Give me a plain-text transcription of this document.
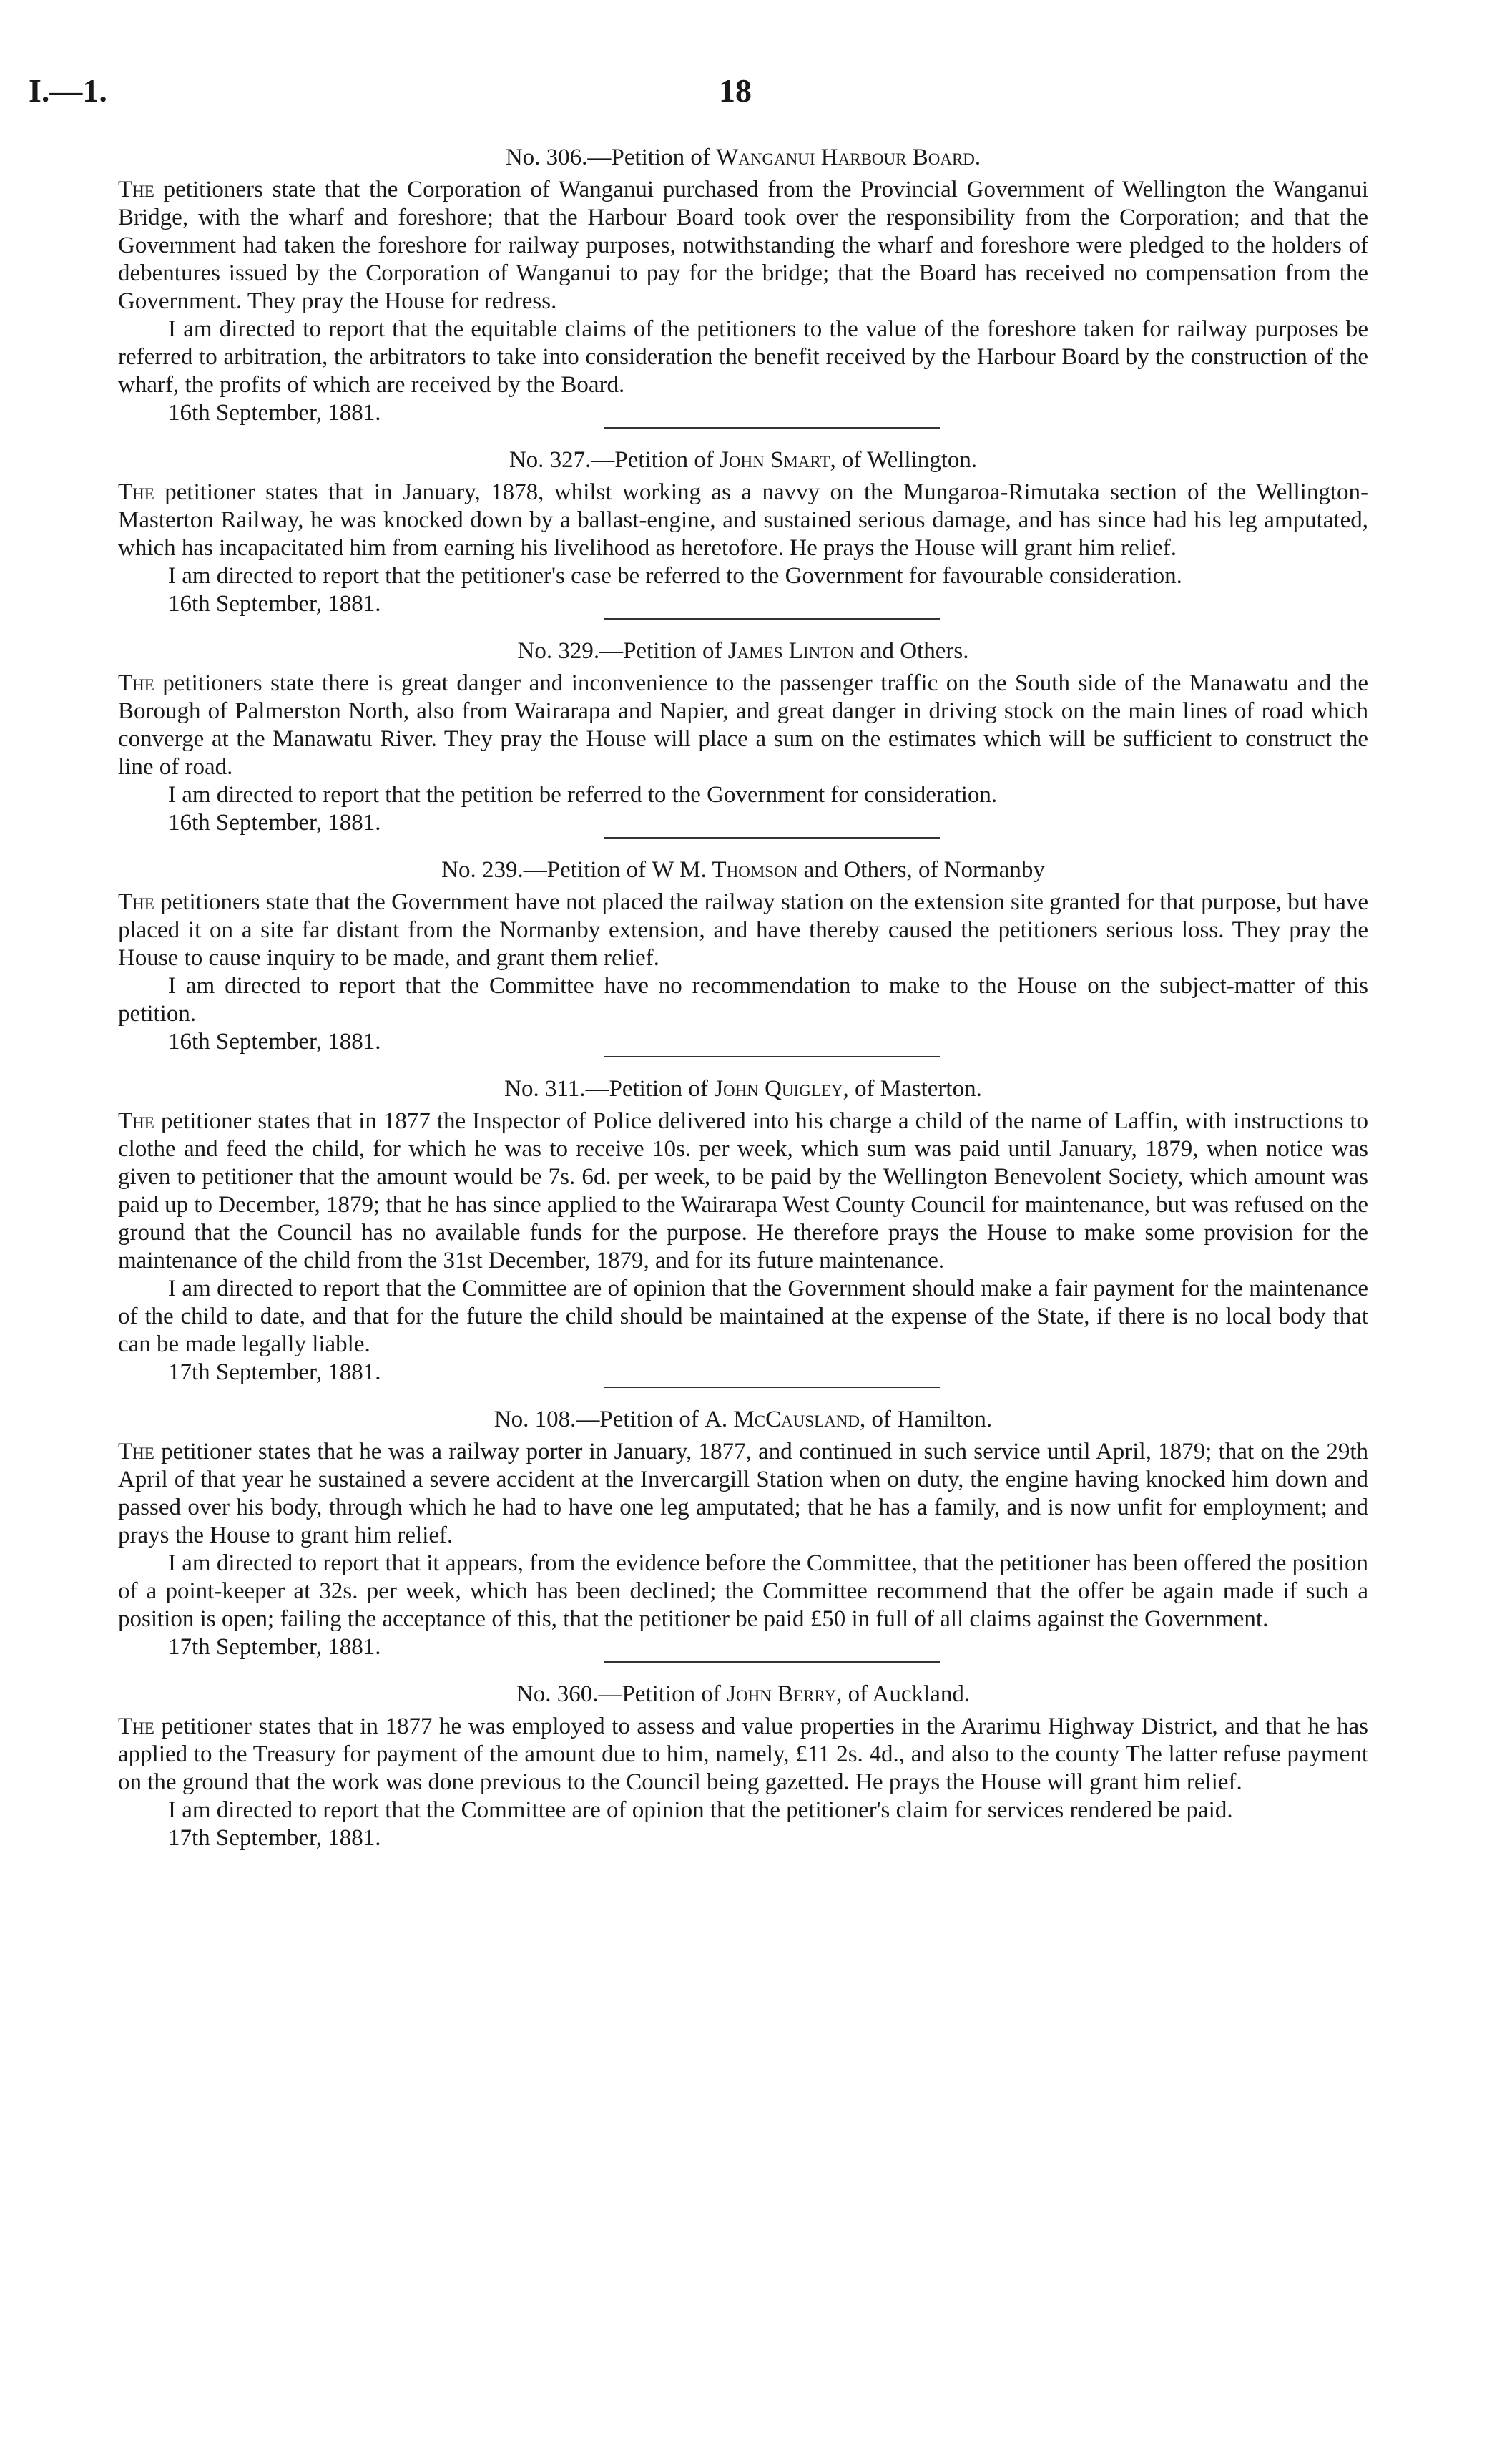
I.—1.	18
No. 306.—Petition of Wanganui Harbour Board.

The petitioners state that the Corporation of Wanganui purchased from the Provincial Government of Wellington the Wanganui Bridge, with the wharf and foreshore; that the Harbour Board took over the responsibility from the Corporation; and that the Government had taken the foreshore for railway purposes, notwithstanding the wharf and foreshore were pledged to the holders of debentures issued by the Corporation of Wanganui to pay for the bridge; that the Board has received no compensation from the Government. They pray the House for redress.

I am directed to report that the equitable claims of the petitioners to the value of the foreshore taken for railway purposes be referred to arbitration, the arbitrators to take into consideration the benefit received by the Harbour Board by the construction of the wharf, the profits of which are received by the Board.

16th September, 1881.

No. 327.—Petition of John Smart, of Wellington.

The petitioner states that in January, 1878, whilst working as a navvy on the Mungaroa-Rimutaka section of the Wellington-Masterton Railway, he was knocked down by a ballast-engine, and sustained serious damage, and has since had his leg amputated, which has incapacitated him from earning his livelihood as heretofore. He prays the House will grant him relief.

I am directed to report that the petitioner's case be referred to the Government for favourable consideration.

16th September, 1881.

No. 329.—Petition of James Linton and Others.

The petitioners state there is great danger and inconvenience to the passenger traffic on the South side of the Manawatu and the Borough of Palmerston North, also from Wairarapa and Napier, and great danger in driving stock on the main lines of road which converge at the Manawatu River. They pray the House will place a sum on the estimates which will be sufficient to construct the line of road.

I am directed to report that the petition be referred to the Government for consideration.

16th September, 1881.

No. 239.—Petition of W M. Thomson and Others, of Normanby

The petitioners state that the Government have not placed the railway station on the extension site granted for that purpose, but have placed it on a site far distant from the Normanby extension, and have thereby caused the petitioners serious loss. They pray the House to cause inquiry to be made, and grant them relief.

I am directed to report that the Committee have no recommendation to make to the House on the subject-matter of this petition.

16th September, 1881.

No. 311.—Petition of John Quigley, of Masterton.

The petitioner states that in 1877 the Inspector of Police delivered into his charge a child of the name of Laffin, with instructions to clothe and feed the child, for which he was to receive 10s. per week, which sum was paid until January, 1879, when notice was given to petitioner that the amount would be 7s. 6d. per week, to be paid by the Wellington Benevolent Society, which amount was paid up to December, 1879; that he has since applied to the Wairarapa West County Council for maintenance, but was refused on the ground that the Council has no available funds for the purpose. He therefore prays the House to make some provision for the maintenance of the child from the 31st December, 1879, and for its future maintenance.

I am directed to report that the Committee are of opinion that the Government should make a fair payment for the maintenance of the child to date, and that for the future the child should be maintained at the expense of the State, if there is no local body that can be made legally liable.

17th September, 1881.

No. 108.—Petition of A. McCausland, of Hamilton.

The petitioner states that he was a railway porter in January, 1877, and continued in such service until April, 1879; that on the 29th April of that year he sustained a severe accident at the Invercargill Station when on duty, the engine having knocked him down and passed over his body, through which he had to have one leg amputated; that he has a family, and is now unfit for employment; and prays the House to grant him relief.

I am directed to report that it appears, from the evidence before the Committee, that the petitioner has been offered the position of a point-keeper at 32s. per week, which has been declined; the Committee recommend that the offer be again made if such a position is open; failing the acceptance of this, that the petitioner be paid £50 in full of all claims against the Government.

17th September, 1881.

No. 360.—Petition of John Berry, of Auckland.

The petitioner states that in 1877 he was employed to assess and value properties in the Ararimu Highway District, and that he has applied to the Treasury for payment of the amount due to him, namely, £11 2s. 4d., and also to the county The latter refuse payment on the ground that the work was done previous to the Council being gazetted. He prays the House will grant him relief.

I am directed to report that the Committee are of opinion that the petitioner's claim for services rendered be paid.

17th September, 1881.
